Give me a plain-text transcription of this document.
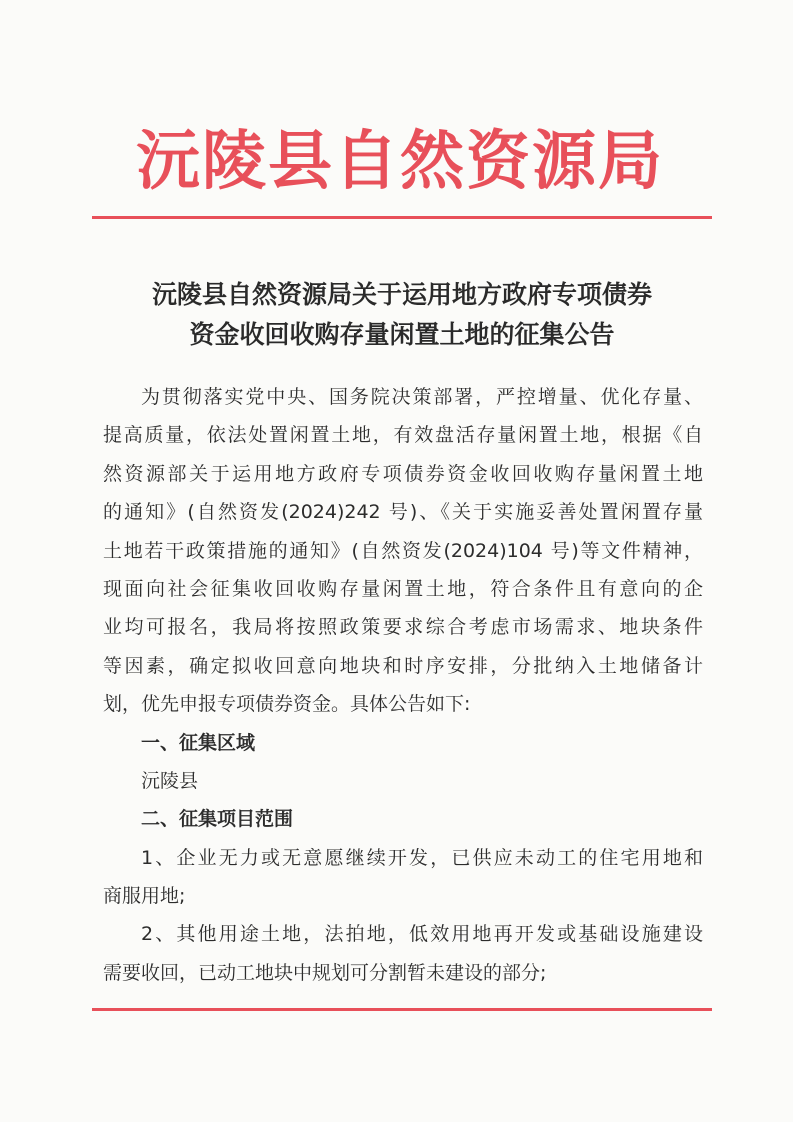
沅陵县自然资源局
沅陵县自然资源局关于运用地方政府专项债券
资金收回收购存量闲置土地的征集公告
为贯彻落实党中央、国务院决策部署，严控增量、优化存量、
提高质量，依法处置闲置土地，有效盘活存量闲置土地，根据《自
然资源部关于运用地方政府专项债券资金收回收购存量闲置土地
的通知》(自然资发(2024)242 号)、《关于实施妥善处置闲置存量
土地若干政策措施的通知》(自然资发(2024)104 号)等文件精神，
现面向社会征集收回收购存量闲置土地，符合条件且有意向的企
业均可报名，我局将按照政策要求综合考虑市场需求、地块条件
等因素，确定拟收回意向地块和时序安排，分批纳入土地储备计
划，优先申报专项债券资金。具体公告如下:
一、征集区域
沅陵县
二、征集项目范围
1、企业无力或无意愿继续开发，已供应未动工的住宅用地和
商服用地;
2、其他用途土地，法拍地，低效用地再开发或基础设施建设
需要收回，已动工地块中规划可分割暂未建设的部分;
